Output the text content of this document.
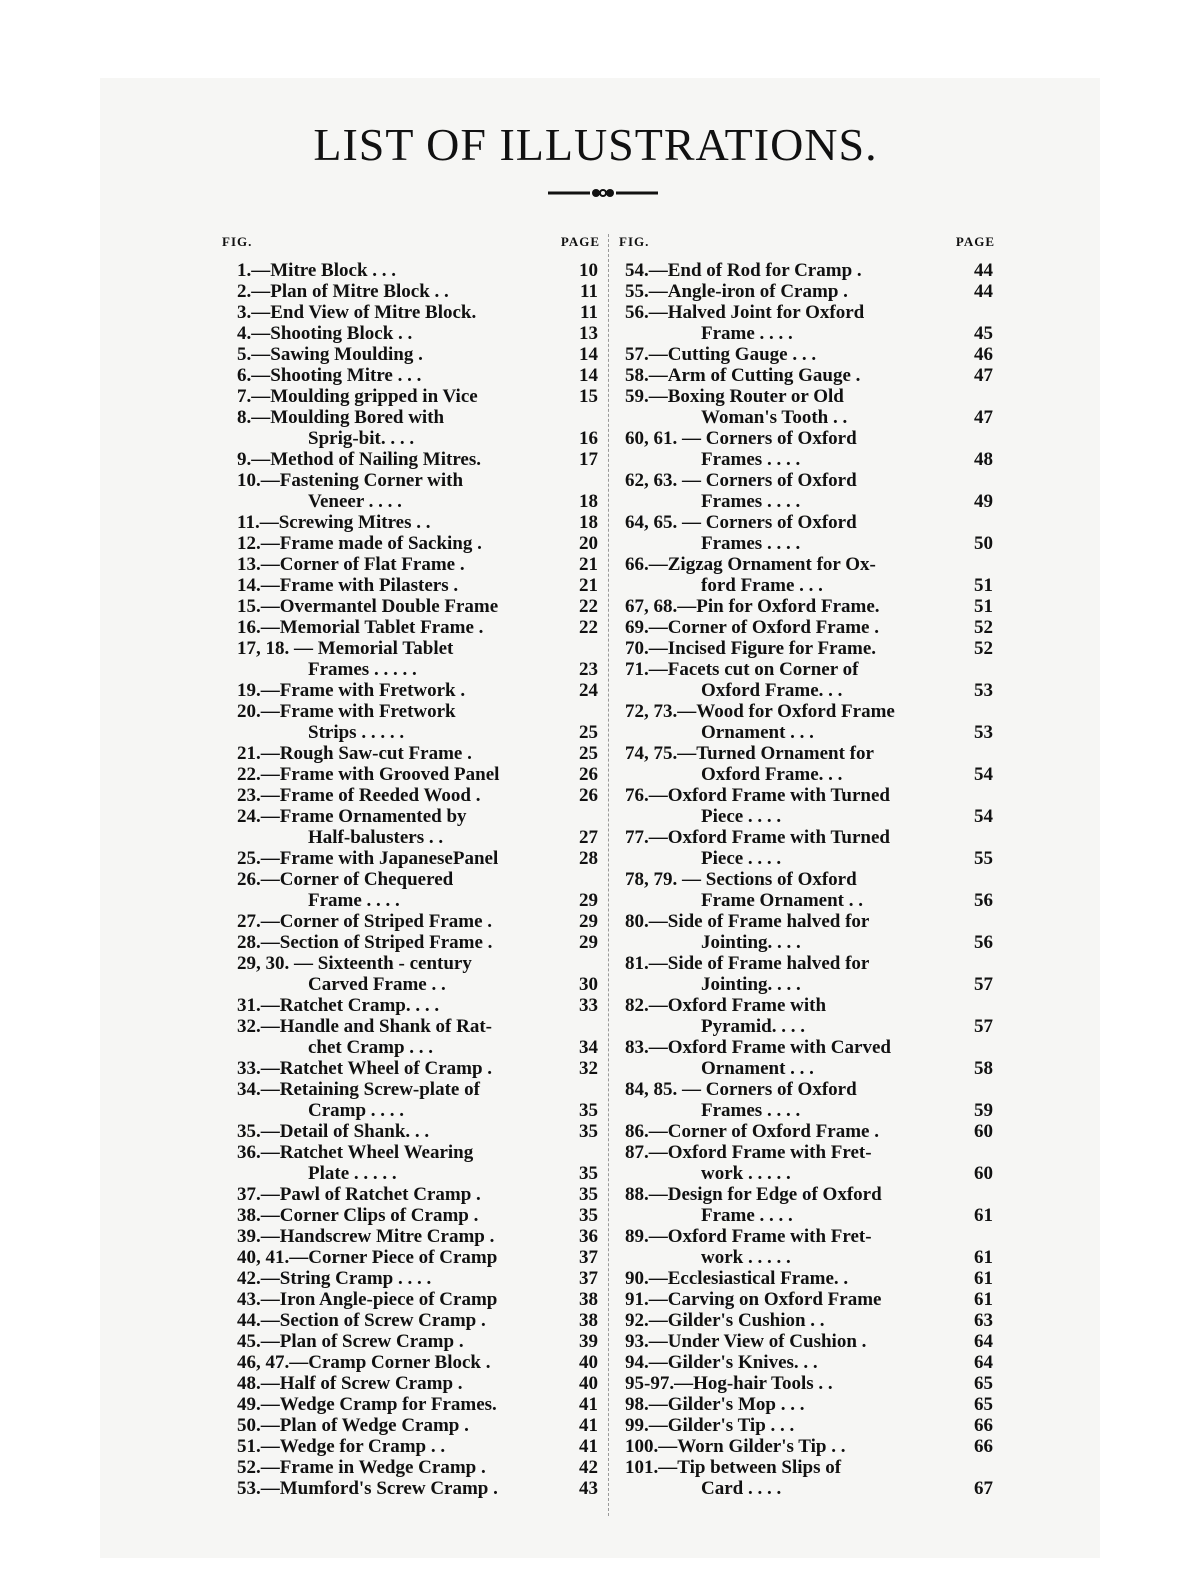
LIST OF ILLUSTRATIONS.
FIG.	PAGE
1.—Mitre Block . . .	10
2.—Plan of Mitre Block . .	11
3.—End View of Mitre Block.	11
4.—Shooting Block . .	13
5.—Sawing Moulding .	14
6.—Shooting Mitre . . .	14
7.—Moulding gripped in Vice	15
8.—Moulding Bored with
Sprig-bit. . . .	16
9.—Method of Nailing Mitres.	17
10.—Fastening Corner with
Veneer . . . .	18
11.—Screwing Mitres . .	18
12.—Frame made of Sacking .	20
13.—Corner of Flat Frame .	21
14.—Frame with Pilasters .	21
15.—Overmantel Double Frame	22
16.—Memorial Tablet Frame .	22
17, 18. — Memorial Tablet
Frames . . . . .	23
19.—Frame with Fretwork .	24
20.—Frame with Fretwork
Strips . . . . .	25
21.—Rough Saw-cut Frame .	25
22.—Frame with Grooved Panel	26
23.—Frame of Reeded Wood .	26
24.—Frame Ornamented by
Half-balusters . .	27
25.—Frame with JapanesePanel	28
26.—Corner of Chequered
Frame . . . .	29
27.—Corner of Striped Frame .	29
28.—Section of Striped Frame .	29
29, 30. — Sixteenth - century
Carved Frame . .	30
31.—Ratchet Cramp. . . .	33
32.—Handle and Shank of Rat-
chet Cramp . . .	34
33.—Ratchet Wheel of Cramp .	32
34.—Retaining Screw-plate of
Cramp . . . .	35
35.—Detail of Shank. . .	35
36.—Ratchet Wheel Wearing
Plate . . . . .	35
37.—Pawl of Ratchet Cramp .	35
38.—Corner Clips of Cramp .	35
39.—Handscrew Mitre Cramp .	36
40, 41.—Corner Piece of Cramp	37
42.—String Cramp . . . .	37
43.—Iron Angle-piece of Cramp	38
44.—Section of Screw Cramp .	38
45.—Plan of Screw Cramp .	39
46, 47.—Cramp Corner Block .	40
48.—Half of Screw Cramp .	40
49.—Wedge Cramp for Frames.	41
50.—Plan of Wedge Cramp .	41
51.—Wedge for Cramp . .	41
52.—Frame in Wedge Cramp .	42
53.—Mumford's Screw Cramp .	43
FIG.	PAGE
54.—End of Rod for Cramp .	44
55.—Angle-iron of Cramp .	44
56.—Halved Joint for Oxford
Frame . . . .	45
57.—Cutting Gauge . . .	46
58.—Arm of Cutting Gauge .	47
59.—Boxing Router or Old
Woman's Tooth . .	47
60, 61. — Corners of Oxford
Frames . . . .	48
62, 63. — Corners of Oxford
Frames . . . .	49
64, 65. — Corners of Oxford
Frames . . . .	50
66.—Zigzag Ornament for Ox-
ford Frame . . .	51
67, 68.—Pin for Oxford Frame.	51
69.—Corner of Oxford Frame .	52
70.—Incised Figure for Frame.	52
71.—Facets cut on Corner of
Oxford Frame. . .	53
72, 73.—Wood for Oxford Frame
Ornament . . .	53
74, 75.—Turned Ornament for
Oxford Frame. . .	54
76.—Oxford Frame with Turned
Piece . . . .	54
77.—Oxford Frame with Turned
Piece . . . .	55
78, 79. — Sections of Oxford
Frame Ornament . .	56
80.—Side of Frame halved for
Jointing. . . .	56
81.—Side of Frame halved for
Jointing. . . .	57
82.—Oxford Frame with
Pyramid. . . .	57
83.—Oxford Frame with Carved
Ornament . . .	58
84, 85. — Corners of Oxford
Frames . . . .	59
86.—Corner of Oxford Frame .	60
87.—Oxford Frame with Fret-
work . . . . .	60
88.—Design for Edge of Oxford
Frame . . . .	61
89.—Oxford Frame with Fret-
work . . . . .	61
90.—Ecclesiastical Frame. .	61
91.—Carving on Oxford Frame	61
92.—Gilder's Cushion . .	63
93.—Under View of Cushion .	64
94.—Gilder's Knives. . .	64
95-97.—Hog-hair Tools . .	65
98.—Gilder's Mop . . .	65
99.—Gilder's Tip . . .	66
100.—Worn Gilder's Tip . .	66
101.—Tip between Slips of
Card . . . .	67
